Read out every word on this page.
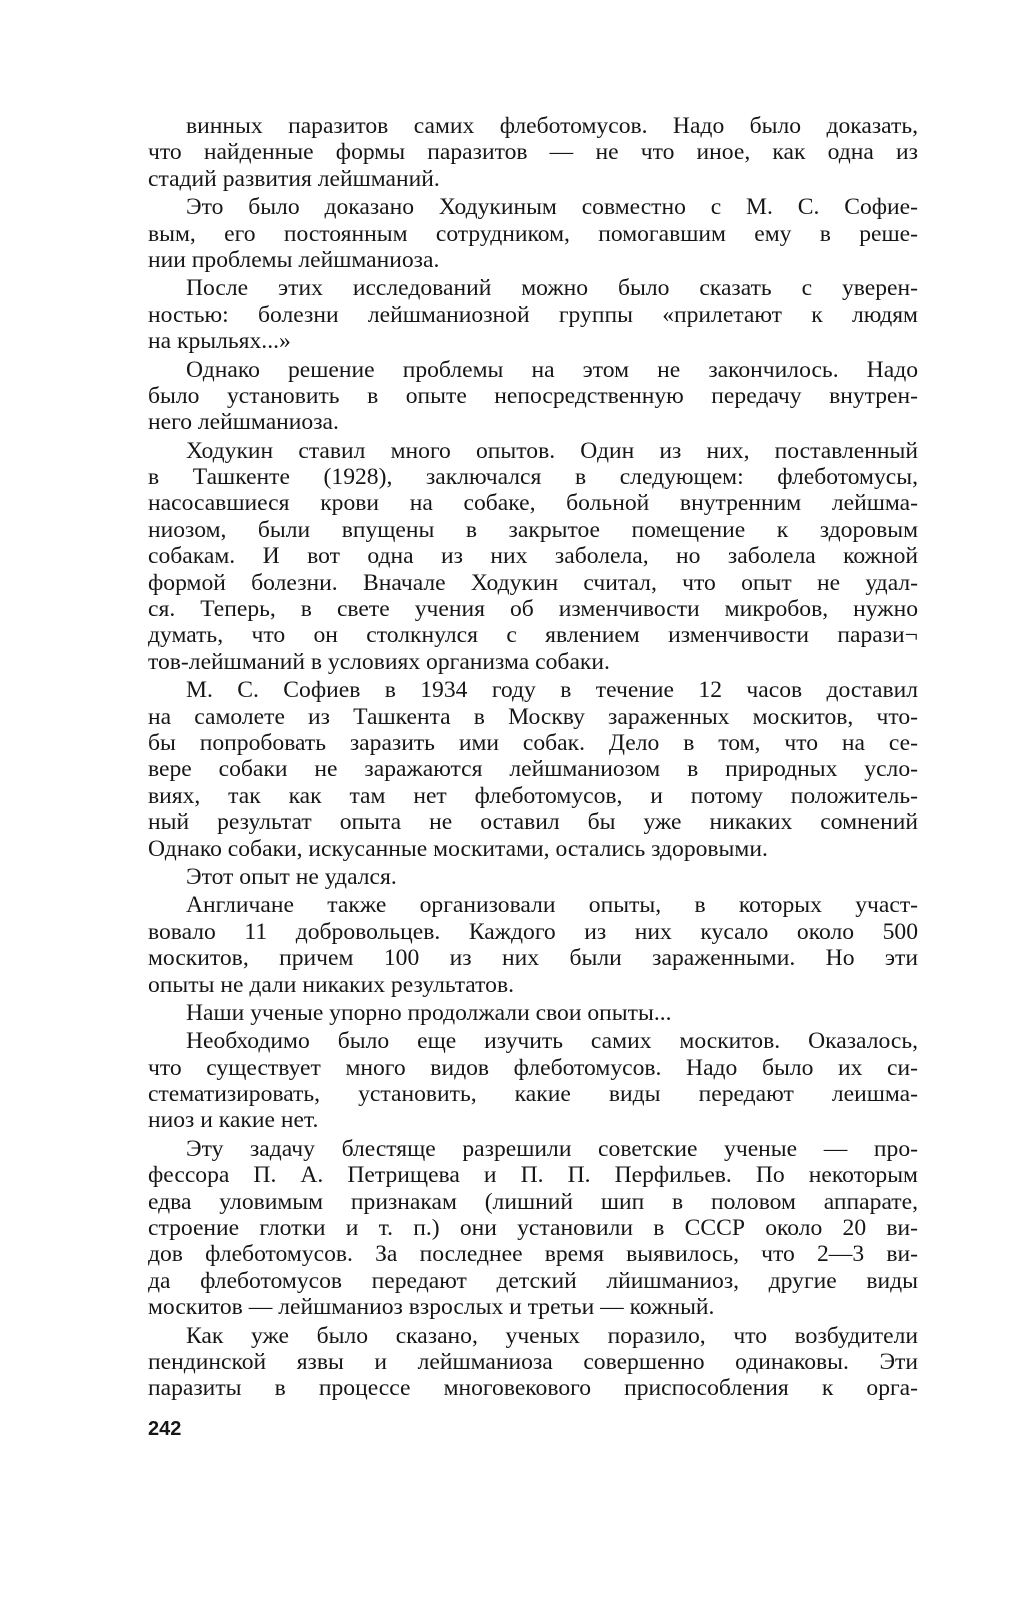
винных паразитов самих флеботомусов. Надо было доказать,
что найденные формы паразитов — не что иное, как одна из
стадий развития лейшманий.
Это было доказано Ходукиным совместно с М. С. Софие-
вым, его постоянным сотрудником, помогавшим ему в реше-
нии проблемы лейшманиоза.
После этих исследований можно было сказать с уверен-
ностью: болезни лейшманиозной группы «прилетают к людям
на крыльях...»
Однако решение проблемы на этом не закончилось. Надо
было установить в опыте непосредственную передачу внутрен-
него лейшманиоза.
Ходукин ставил много опытов. Один из них, поставленный
в Ташкенте (1928), заключался в следующем: флеботомусы,
насосавшиеся крови на собаке, больной внутренним лейшма-
ниозом, были впущены в закрытое помещение к здоровым
собакам. И вот одна из них заболела, но заболела кожной
формой болезни. Вначале Ходукин считал, что опыт не удал-
ся. Теперь, в свете учения об изменчивости микробов, нужно
думать, что он столкнулся с явлением изменчивости парази¬
тов-лейшманий в условиях организма собаки.
М. С. Софиев в 1934 году в течение 12 часов доставил
на самолете из Ташкента в Москву зараженных москитов, что-
бы попробовать заразить ими собак. Дело в том, что на се-
вере собаки не заражаются лейшманиозом в природных усло-
виях, так как там нет флеботомусов, и потому положитель-
ный результат опыта не оставил бы уже никаких сомнений
Однако собаки, искусанные москитами, остались здоровыми.
Этот опыт не удался.
Англичане также организовали опыты, в которых участ-
вовало 11 добровольцев. Каждого из них кусало около 500
москитов, причем 100 из них были зараженными. Но эти
опыты не дали никаких результатов.
Наши ученые упорно продолжали свои опыты...
Необходимо было еще изучить самих москитов. Оказалось,
что существует много видов флеботомусов. Надо было их си-
стематизировать, установить, какие виды передают леишма-
ниоз и какие нет.
Эту задачу блестяще разрешили советские ученые — про-
фессора П. А. Петрищева и П. П. Перфильев. По некоторым
едва уловимым признакам (лишний шип в половом аппарате,
строение глотки и т. п.) они установили в СССР около 20 ви-
дов флеботомусов. За последнее время выявилось, что 2—3 ви-
да флеботомусов передают детский лйишманиоз, другие виды
москитов — лейшманиоз взрослых и третьи — кожный.
Как уже было сказано, ученых поразило, что возбудители
пендинской язвы и лейшманиоза совершенно одинаковы. Эти
паразиты в процессе многовекового приспособления к орга-
242
